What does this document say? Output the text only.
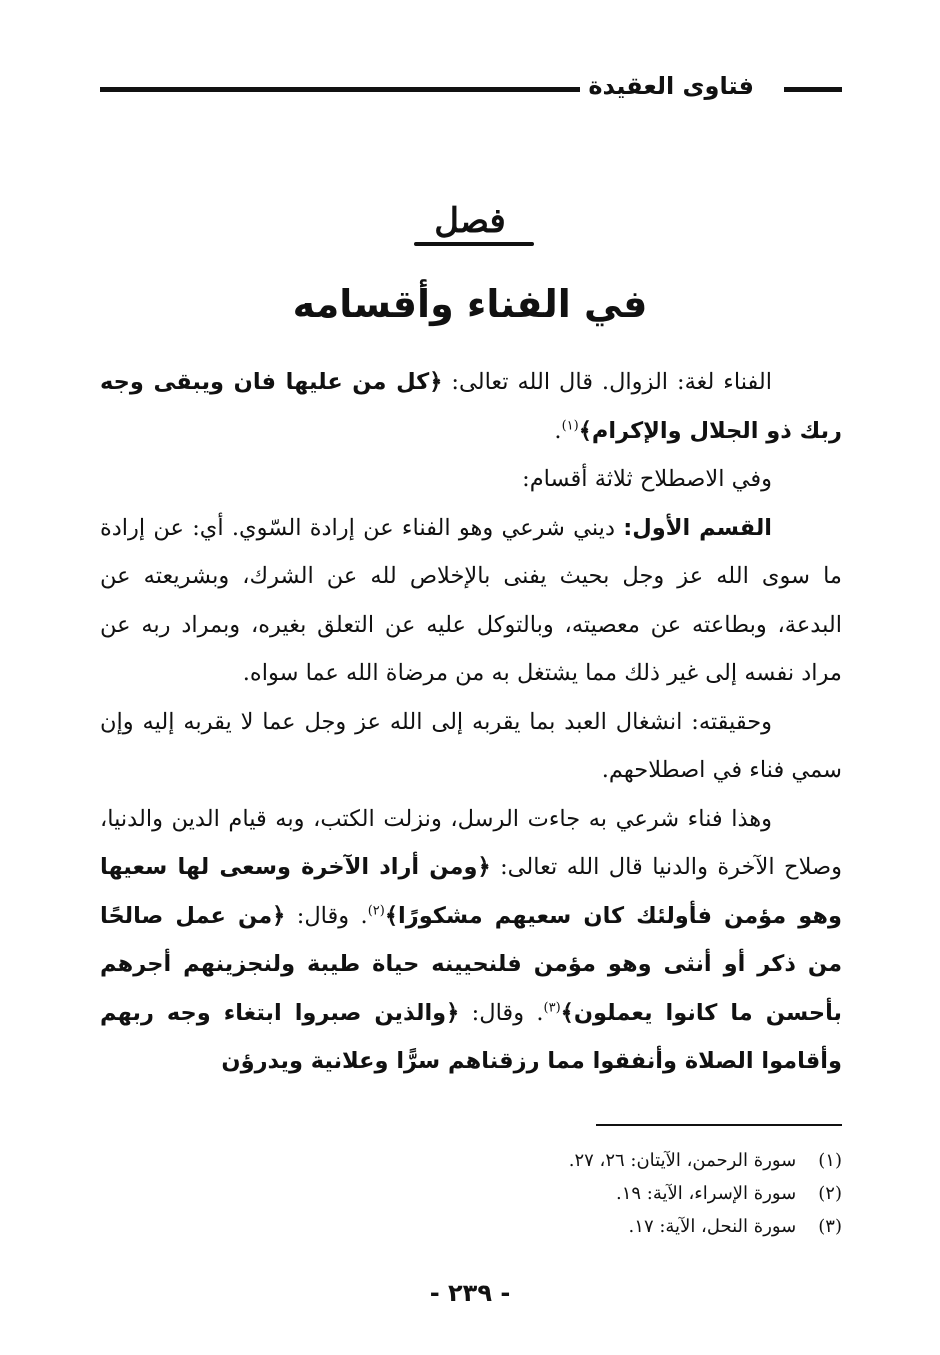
فتاوى العقيدة
فصل
في الفناء وأقسامه

الفناء لغة: الزوال. قال الله تعالى: ﴿كل من عليها فان ويبقى وجه ربك ذو الجلال والإكرام﴾$^{(١)}$.

وفي الاصطلاح ثلاثة أقسام:

القسم الأول: ديني شرعي وهو الفناء عن إرادة السّوي. أي: عن إرادة ما سوى الله عز وجل بحيث يفنى بالإخلاص لله عن الشرك، وبشريعته عن البدعة، وبطاعته عن معصيته، وبالتوكل عليه عن التعلق بغيره، وبمراد ربه عن مراد نفسه إلى غير ذلك مما يشتغل به من مرضاة الله عما سواه.

وحقيقته: انشغال العبد بما يقربه إلى الله عز وجل عما لا يقربه إليه وإن سمي فناء في اصطلاحهم.

وهذا فناء شرعي به جاءت الرسل، ونزلت الكتب، وبه قيام الدين والدنيا، وصلاح الآخرة والدنيا قال الله تعالى: ﴿ومن أراد الآخرة وسعى لها سعيها وهو مؤمن فأولئك كان سعيهم مشكورًا﴾$^{(٢)}$. وقال: ﴿من عمل صالحًا من ذكر أو أنثى وهو مؤمن فلنحيينه حياة طيبة ولنجزينهم أجرهم بأحسن ما كانوا يعملون﴾$^{(٣)}$. وقال: ﴿والذين صبروا ابتغاء وجه ربهم وأقاموا الصلاة وأنفقوا مما رزقناهم سرًّا وعلانية ويدرؤن

(١) سورة الرحمن، الآيتان: ٢٦، ٢٧.
(٢) سورة الإسراء، الآية: ١٩.
(٣) سورة النحل، الآية: ١٧.
- ٢٣٩ -
